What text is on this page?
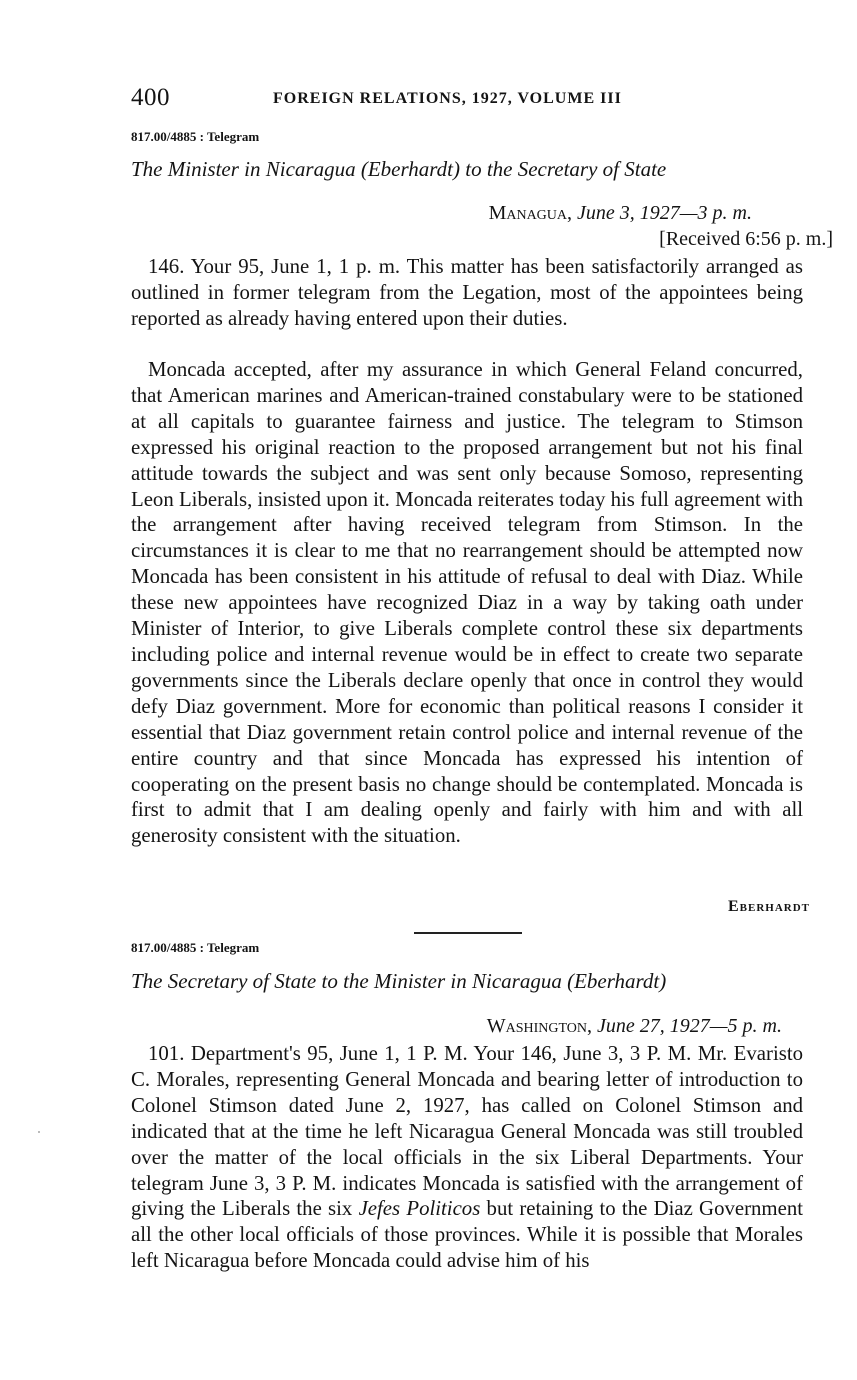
400	FOREIGN RELATIONS, 1927, VOLUME III
817.00/4885 : Telegram
The Minister in Nicaragua (Eberhardt) to the Secretary of State
Managua, June 3, 1927—3 p. m.
[Received 6:56 p. m.]

146. Your 95, June 1, 1 p. m. This matter has been satisfactorily arranged as outlined in former telegram from the Legation, most of the appointees being reported as already having entered upon their duties.

Moncada accepted, after my assurance in which General Feland concurred, that American marines and American-trained constabulary were to be stationed at all capitals to guarantee fairness and justice. The telegram to Stimson expressed his original reaction to the proposed arrangement but not his final attitude towards the subject and was sent only because Somoso, representing Leon Liberals, insisted upon it. Moncada reiterates today his full agreement with the arrangement after having received telegram from Stimson. In the circumstances it is clear to me that no rearrangement should be attempted now Moncada has been consistent in his attitude of refusal to deal with Diaz. While these new appointees have recognized Diaz in a way by taking oath under Minister of Interior, to give Liberals complete control these six departments including police and internal revenue would be in effect to create two separate governments since the Liberals declare openly that once in control they would defy Diaz government. More for economic than political reasons I consider it essential that Diaz government retain control police and internal revenue of the entire country and that since Moncada has expressed his intention of cooperating on the present basis no change should be contemplated. Moncada is first to admit that I am dealing openly and fairly with him and with all generosity consistent with the situation.

Eberhardt
817.00/4885 : Telegram
The Secretary of State to the Minister in Nicaragua (Eberhardt)
Washington, June 27, 1927—5 p. m.

101. Department's 95, June 1, 1 P. M. Your 146, June 3, 3 P. M. Mr. Evaristo C. Morales, representing General Moncada and bearing letter of introduction to Colonel Stimson dated June 2, 1927, has called on Colonel Stimson and indicated that at the time he left Nicaragua General Moncada was still troubled over the matter of the local officials in the six Liberal Departments. Your telegram June 3, 3 P. M. indicates Moncada is satisfied with the arrangement of giving the Liberals the six Jefes Politicos but retaining to the Diaz Government all the other local officials of those provinces. While it is possible that Morales left Nicaragua before Moncada could advise him of his
